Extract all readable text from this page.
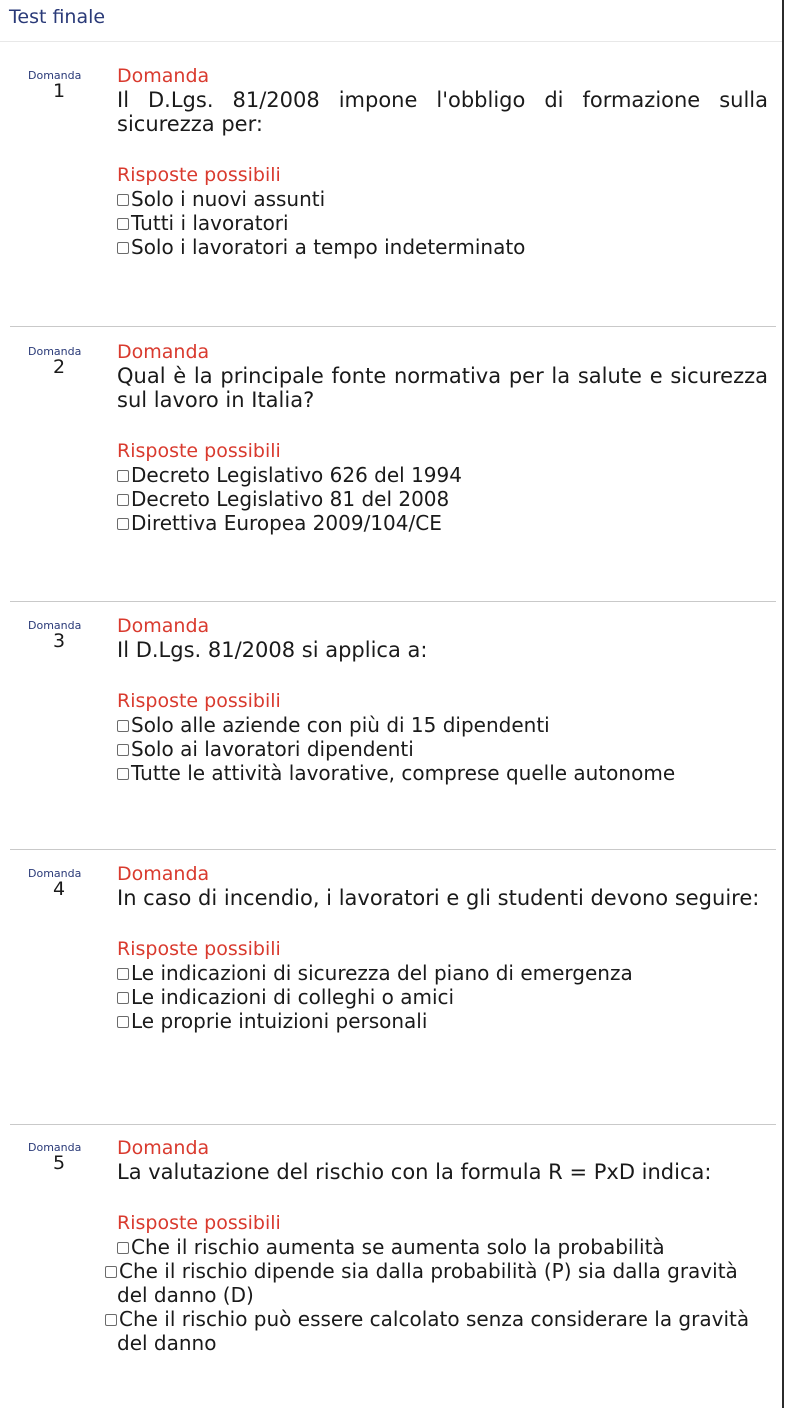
Test finale
Domanda
1
Domanda
Il D.Lgs. 81/2008 impone l'obbligo di formazione sulla sicurezza per:
Risposte possibili
Solo i nuovi assunti
Tutti i lavoratori
Solo i lavoratori a tempo indeterminato
Domanda
2
Domanda
Qual è la principale fonte normativa per la salute e sicurezza sul lavoro in Italia?
Risposte possibili
Decreto Legislativo 626 del 1994
Decreto Legislativo 81 del 2008
Direttiva Europea 2009/104/CE
Domanda
3
Domanda
Il D.Lgs. 81/2008 si applica a:
Risposte possibili
Solo alle aziende con più di 15 dipendenti
Solo ai lavoratori dipendenti
Tutte le attività lavorative, comprese quelle autonome
Domanda
4
Domanda
In caso di incendio, i lavoratori e gli studenti devono seguire:
Risposte possibili
Le indicazioni di sicurezza del piano di emergenza
Le indicazioni di colleghi o amici
Le proprie intuizioni personali
Domanda
5
Domanda
La valutazione del rischio con la formula R = PxD indica:
Risposte possibili
Che il rischio aumenta se aumenta solo la probabilità
Che il rischio dipende sia dalla probabilità (P) sia dalla gravità del danno (D)
Che il rischio può essere calcolato senza considerare la gravità del danno
